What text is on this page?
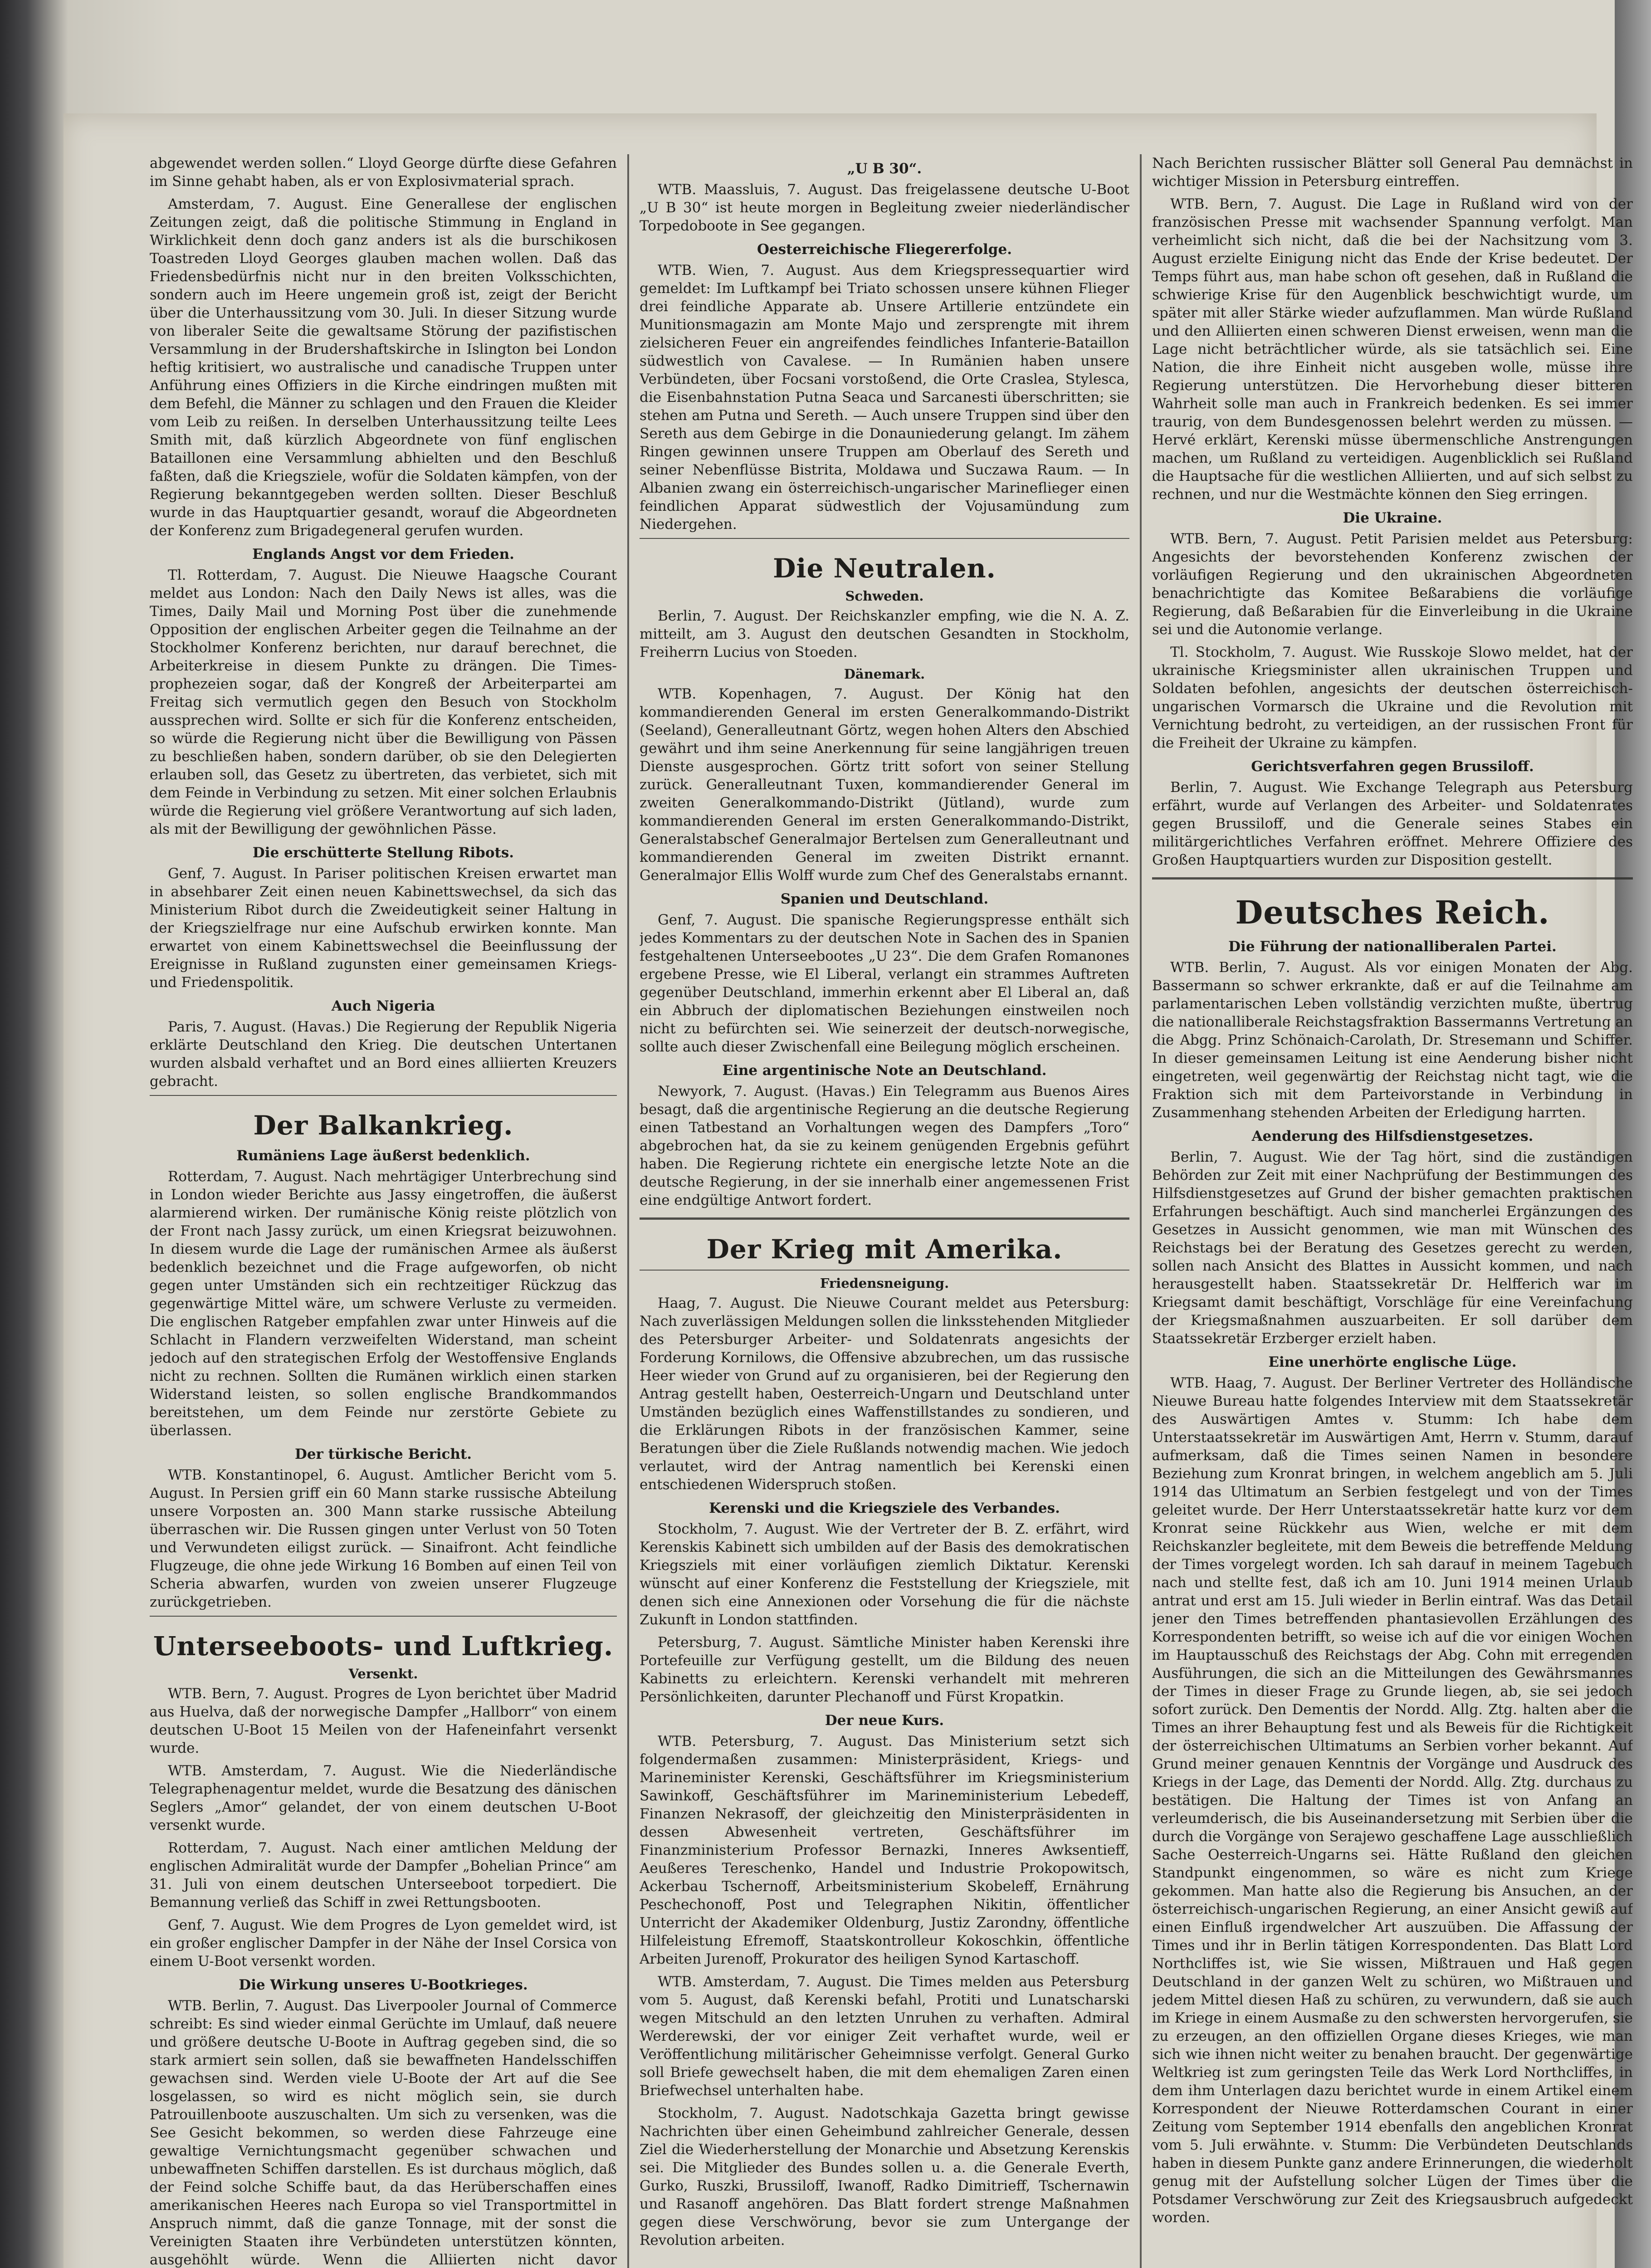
abgewendet werden sollen.“ Lloyd George dürfte diese Gefahren im Sinne gehabt haben, als er von Explosivmaterial sprach.

Amsterdam, 7. August. Eine Generallese der englischen Zeitungen zeigt, daß die politische Stimmung in England in Wirklichkeit denn doch ganz anders ist als die burschikosen Toastreden Lloyd Georges glauben machen wollen. Daß das Friedensbedürfnis nicht nur in den breiten Volksschichten, sondern auch im Heere ungemein groß ist, zeigt der Bericht über die Unterhaussitzung vom 30. Juli. In dieser Sitzung wurde von liberaler Seite die gewaltsame Störung der pazifistischen Versammlung in der Brudershaftskirche in Islington bei London heftig kritisiert, wo australische und canadische Truppen unter Anführung eines Offiziers in die Kirche eindringen mußten mit dem Befehl, die Männer zu schlagen und den Frauen die Kleider vom Leib zu reißen. In derselben Unterhaussitzung teilte Lees Smith mit, daß kürzlich Abgeordnete von fünf englischen Bataillonen eine Versammlung abhielten und den Beschluß faßten, daß die Kriegsziele, wofür die Soldaten kämpfen, von der Regierung bekanntgegeben werden sollten. Dieser Beschluß wurde in das Hauptquartier gesandt, worauf die Abgeordneten der Konferenz zum Brigadegeneral gerufen wurden.

Englands Angst vor dem Frieden.

Tl. Rotterdam, 7. August. Die Nieuwe Haagsche Courant meldet aus London: Nach den Daily News ist alles, was die Times, Daily Mail und Morning Post über die zunehmende Opposition der englischen Arbeiter gegen die Teilnahme an der Stockholmer Konferenz berichten, nur darauf berechnet, die Arbeiterkreise in diesem Punkte zu drängen. Die Times-prophezeien sogar, daß der Kongreß der Arbeiterpartei am Freitag sich vermutlich gegen den Besuch von Stockholm aussprechen wird. Sollte er sich für die Konferenz entscheiden, so würde die Regierung nicht über die Bewilligung von Pässen zu beschließen haben, sondern darüber, ob sie den Delegierten erlauben soll, das Gesetz zu übertreten, das verbietet, sich mit dem Feinde in Verbindung zu setzen. Mit einer solchen Erlaubnis würde die Regierung viel größere Verantwortung auf sich laden, als mit der Bewilligung der gewöhnlichen Pässe.

Die erschütterte Stellung Ribots.

Genf, 7. August. In Pariser politischen Kreisen erwartet man in absehbarer Zeit einen neuen Kabinettswechsel, da sich das Ministerium Ribot durch die Zweideutigkeit seiner Haltung in der Kriegszielfrage nur eine Aufschub erwirken konnte. Man erwartet von einem Kabinettswechsel die Beeinflussung der Ereignisse in Rußland zugunsten einer gemeinsamen Kriegs- und Friedenspolitik.

Auch Nigeria

Paris, 7. August. (Havas.) Die Regierung der Republik Nigeria erklärte Deutschland den Krieg. Die deutschen Untertanen wurden alsbald verhaftet und an Bord eines alliierten Kreuzers gebracht.

Der Balkankrieg.
Rumäniens Lage äußerst bedenklich.

Rotterdam, 7. August. Nach mehrtägiger Unterbrechung sind in London wieder Berichte aus Jassy eingetroffen, die äußerst alarmierend wirken. Der rumänische König reiste plötzlich von der Front nach Jassy zurück, um einen Kriegsrat beizuwohnen. In diesem wurde die Lage der rumänischen Armee als äußerst bedenklich bezeichnet und die Frage aufgeworfen, ob nicht gegen unter Umständen sich ein rechtzeitiger Rückzug das gegenwärtige Mittel wäre, um schwere Verluste zu vermeiden. Die englischen Ratgeber empfahlen zwar unter Hinweis auf die Schlacht in Flandern verzweifelten Widerstand, man scheint jedoch auf den strategischen Erfolg der Westoffensive Englands nicht zu rechnen. Sollten die Rumänen wirklich einen starken Widerstand leisten, so sollen englische Brandkommandos bereitstehen, um dem Feinde nur zerstörte Gebiete zu überlassen.

Der türkische Bericht.

WTB. Konstantinopel, 6. August. Amtlicher Bericht vom 5. August. In Persien griff ein 60 Mann starke russische Abteilung unsere Vorposten an. 300 Mann starke russische Abteilung überraschen wir. Die Russen gingen unter Verlust von 50 Toten und Verwundeten eiligst zurück. — Sinaifront. Acht feindliche Flugzeuge, die ohne jede Wirkung 16 Bomben auf einen Teil von Scheria abwarfen, wurden von zweien unserer Flugzeuge zurückgetrieben.

Unterseeboots- und Luftkrieg.
Versenkt.

WTB. Bern, 7. August. Progres de Lyon berichtet über Madrid aus Huelva, daß der norwegische Dampfer „Hallborr“ von einem deutschen U-Boot 15 Meilen von der Hafeneinfahrt versenkt wurde.

WTB. Amsterdam, 7. August. Wie die Niederländische Telegraphenagentur meldet, wurde die Besatzung des dänischen Seglers „Amor“ gelandet, der von einem deutschen U-Boot versenkt wurde.

Rotterdam, 7. August. Nach einer amtlichen Meldung der englischen Admiralität wurde der Dampfer „Bohelian Prince“ am 31. Juli von einem deutschen Unterseeboot torpediert. Die Bemannung verließ das Schiff in zwei Rettungsbooten.

Genf, 7. August. Wie dem Progres de Lyon gemeldet wird, ist ein großer englischer Dampfer in der Nähe der Insel Corsica von einem U-Boot versenkt worden.

Die Wirkung unseres U-Bootkrieges.

WTB. Berlin, 7. August. Das Liverpooler Journal of Commerce schreibt: Es sind wieder einmal Gerüchte im Umlauf, daß neuere und größere deutsche U-Boote in Auftrag gegeben sind, die so stark armiert sein sollen, daß sie bewaffneten Handelsschiffen gewachsen sind. Werden viele U-Boote der Art auf die See losgelassen, so wird es nicht möglich sein, sie durch Patrouillenboote auszuschalten. Um sich zu versenken, was die See Gesicht bekommen, so werden diese Fahrzeuge eine gewaltige Vernichtungsmacht gegenüber schwachen und unbewaffneten Schiffen darstellen. Es ist durchaus möglich, daß der Feind solche Schiffe baut, da das Herüberschaffen eines amerikanischen Heeres nach Europa so viel Transportmittel in Anspruch nimmt, daß die ganze Tonnage, mit der sonst die Vereinigten Staaten ihre Verbündeten unterstützen könnten, ausgehöhlt würde. Wenn die Alliierten nicht davor

„U B 30“.

WTB. Maassluis, 7. August. Das freigelassene deutsche U-Boot „U B 30“ ist heute morgen in Begleitung zweier niederländischer Torpedoboote in See gegangen.

Oesterreichische Fliegererfolge.

WTB. Wien, 7. August. Aus dem Kriegspressequartier wird gemeldet: Im Luftkampf bei Triato schossen unsere kühnen Flieger drei feindliche Apparate ab. Unsere Artillerie entzündete ein Munitionsmagazin am Monte Majo und zersprengte mit ihrem zielsicheren Feuer ein angreifendes feindliches Infanterie-Bataillon südwestlich von Cavalese. — In Rumänien haben unsere Verbündeten, über Focsani vorstoßend, die Orte Craslea, Stylesca, die Eisenbahnstation Putna Seaca und Sarcanesti überschritten; sie stehen am Putna und Sereth. — Auch unsere Truppen sind über den Sereth aus dem Gebirge in die Donauniederung gelangt. Im zähem Ringen gewinnen unsere Truppen am Oberlauf des Sereth und seiner Nebenflüsse Bistrita, Moldawa und Suczawa Raum. — In Albanien zwang ein österreichisch-ungarischer Marineflieger einen feindlichen Apparat südwestlich der Vojusamündung zum Niedergehen.

Die Neutralen.
Schweden.

Berlin, 7. August. Der Reichskanzler empfing, wie die N. A. Z. mitteilt, am 3. August den deutschen Gesandten in Stockholm, Freiherrn Lucius von Stoeden.

Dänemark.

WTB. Kopenhagen, 7. August. Der König hat den kommandierenden General im ersten Generalkommando-Distrikt (Seeland), Generalleutnant Görtz, wegen hohen Alters den Abschied gewährt und ihm seine Anerkennung für seine langjährigen treuen Dienste ausgesprochen. Görtz tritt sofort von seiner Stellung zurück. Generalleutnant Tuxen, kommandierender General im zweiten Generalkommando-Distrikt (Jütland), wurde zum kommandierenden General im ersten Generalkommando-Distrikt, Generalstabschef Generalmajor Bertelsen zum Generalleutnant und kommandierenden General im zweiten Distrikt ernannt. Generalmajor Ellis Wolff wurde zum Chef des Generalstabs ernannt.

Spanien und Deutschland.

Genf, 7. August. Die spanische Regierungspresse enthält sich jedes Kommentars zu der deutschen Note in Sachen des in Spanien festgehaltenen Unterseebootes „U 23“. Die dem Grafen Romanones ergebene Presse, wie El Liberal, verlangt ein strammes Auftreten gegenüber Deutschland, immerhin erkennt aber El Liberal an, daß ein Abbruch der diplomatischen Beziehungen einstweilen noch nicht zu befürchten sei. Wie seinerzeit der deutsch-norwegische, sollte auch dieser Zwischenfall eine Beilegung möglich erscheinen.

Eine argentinische Note an Deutschland.

Newyork, 7. August. (Havas.) Ein Telegramm aus Buenos Aires besagt, daß die argentinische Regierung an die deutsche Regierung einen Tatbestand an Vorhaltungen wegen des Dampfers „Toro“ abgebrochen hat, da sie zu keinem genügenden Ergebnis geführt haben. Die Regierung richtete ein energische letzte Note an die deutsche Regierung, in der sie innerhalb einer angemessenen Frist eine endgültige Antwort fordert.

Der Krieg mit Amerika.
Friedensneigung.

Haag, 7. August. Die Nieuwe Courant meldet aus Petersburg: Nach zuverlässigen Meldungen sollen die linksstehenden Mitglieder des Petersburger Arbeiter- und Soldatenrats angesichts der Forderung Kornilows, die Offensive abzubrechen, um das russische Heer wieder von Grund auf zu organisieren, bei der Regierung den Antrag gestellt haben, Oesterreich-Ungarn und Deutschland unter Umständen bezüglich eines Waffenstillstandes zu sondieren, und die Erklärungen Ribots in der französischen Kammer, seine Beratungen über die Ziele Rußlands notwendig machen. Wie jedoch verlautet, wird der Antrag namentlich bei Kerenski einen entschiedenen Widerspruch stoßen.

Kerenski und die Kriegsziele des Verbandes.

Stockholm, 7. August. Wie der Vertreter der B. Z. erfährt, wird Kerenskis Kabinett sich umbilden auf der Basis des demokratischen Kriegsziels mit einer vorläufigen ziemlich Diktatur. Kerenski wünscht auf einer Konferenz die Feststellung der Kriegsziele, mit denen sich eine Annexionen oder Vorsehung die für die nächste Zukunft in London stattfinden.

Petersburg, 7. August. Sämtliche Minister haben Kerenski ihre Portefeuille zur Verfügung gestellt, um die Bildung des neuen Kabinetts zu erleichtern. Kerenski verhandelt mit mehreren Persönlichkeiten, darunter Plechanoff und Fürst Kropatkin.

Der neue Kurs.

WTB. Petersburg, 7. August. Das Ministerium setzt sich folgendermaßen zusammen: Ministerpräsident, Kriegs- und Marineminister Kerenski, Geschäftsführer im Kriegsministerium Sawinkoff, Geschäftsführer im Marineministerium Lebedeff, Finanzen Nekrasoff, der gleichzeitig den Ministerpräsidenten in dessen Abwesenheit vertreten, Geschäftsführer im Finanzministerium Professor Bernazki, Inneres Awksentieff, Aeußeres Tereschenko, Handel und Industrie Prokopowitsch, Ackerbau Tschernoff, Arbeitsministerium Skobeleff, Ernährung Peschechonoff, Post und Telegraphen Nikitin, öffentlicher Unterricht der Akademiker Oldenburg, Justiz Zarondny, öffentliche Hilfeleistung Efremoff, Staatskontrolleur Kokoschkin, öffentliche Arbeiten Jurenoff, Prokurator des heiligen Synod Kartaschoff.

WTB. Amsterdam, 7. August. Die Times melden aus Petersburg vom 5. August, daß Kerenski befahl, Protiti und Lunatscharski wegen Mitschuld an den letzten Unruhen zu verhaften. Admiral Werderewski, der vor einiger Zeit verhaftet wurde, weil er Veröffentlichung militärischer Geheimnisse verfolgt. General Gurko soll Briefe gewechselt haben, die mit dem ehemaligen Zaren einen Briefwechsel unterhalten habe.

Stockholm, 7. August. Nadotschkaja Gazetta bringt gewisse Nachrichten über einen Geheimbund zahlreicher Generale, dessen Ziel die Wiederherstellung der Monarchie und Absetzung Kerenskis sei. Die Mitglieder des Bundes sollen u. a. die Generale Everth, Gurko, Ruszki, Brussiloff, Iwanoff, Radko Dimitrieff, Tschernawin und Rasanoff angehören. Das Blatt fordert strenge Maßnahmen gegen diese Verschwörung, bevor sie zum Untergange der Revolution arbeiten.

Nach Berichten russischer Blätter soll General Pau demnächst in wichtiger Mission in Petersburg eintreffen.

WTB. Bern, 7. August. Die Lage in Rußland wird von der französischen Presse mit wachsender Spannung verfolgt. Man verheimlicht sich nicht, daß die bei der Nachsitzung vom 3. August erzielte Einigung nicht das Ende der Krise bedeutet. Der Temps führt aus, man habe schon oft gesehen, daß in Rußland die schwierige Krise für den Augenblick beschwichtigt wurde, um später mit aller Stärke wieder aufzuflammen. Man würde Rußland und den Alliierten einen schweren Dienst erweisen, wenn man die Lage nicht beträchtlicher würde, als sie tatsächlich sei. Eine Nation, die ihre Einheit nicht ausgeben wolle, müsse ihre Regierung unterstützen. Die Hervorhebung dieser bitteren Wahrheit solle man auch in Frankreich bedenken. Es sei immer traurig, von dem Bundesgenossen belehrt werden zu müssen. — Hervé erklärt, Kerenski müsse übermenschliche Anstrengungen machen, um Rußland zu verteidigen. Augenblicklich sei Rußland die Hauptsache für die westlichen Alliierten, und auf sich selbst zu rechnen, und nur die Westmächte können den Sieg erringen.

Die Ukraine.

WTB. Bern, 7. August. Petit Parisien meldet aus Petersburg: Angesichts der bevorstehenden Konferenz zwischen der vorläufigen Regierung und den ukrainischen Abgeordneten benachrichtigte das Komitee Beßarabiens die vorläufige Regierung, daß Beßarabien für die Einverleibung in die Ukraine sei und die Autonomie verlange.

Tl. Stockholm, 7. August. Wie Russkoje Slowo meldet, hat der ukrainische Kriegsminister allen ukrainischen Truppen und Soldaten befohlen, angesichts der deutschen österreichisch-ungarischen Vormarsch die Ukraine und die Revolution mit Vernichtung bedroht, zu verteidigen, an der russischen Front für die Freiheit der Ukraine zu kämpfen.

Gerichtsverfahren gegen Brussiloff.

Berlin, 7. August. Wie Exchange Telegraph aus Petersburg erfährt, wurde auf Verlangen des Arbeiter- und Soldatenrates gegen Brussiloff, und die Generale seines Stabes ein militärgerichtliches Verfahren eröffnet. Mehrere Offiziere des Großen Hauptquartiers wurden zur Disposition gestellt.

Deutsches Reich.
Die Führung der nationalliberalen Partei.

WTB. Berlin, 7. August. Als vor einigen Monaten der Abg. Bassermann so schwer erkrankte, daß er auf die Teilnahme am parlamentarischen Leben vollständig verzichten mußte, übertrug die nationalliberale Reichstagsfraktion Bassermanns Vertretung an die Abgg. Prinz Schönaich-Carolath, Dr. Stresemann und Schiffer. In dieser gemeinsamen Leitung ist eine Aenderung bisher nicht eingetreten, weil gegenwärtig der Reichstag nicht tagt, wie die Fraktion sich mit dem Parteivorstande in Verbindung in Zusammenhang stehenden Arbeiten der Erledigung harrten.

Aenderung des Hilfsdienstgesetzes.

Berlin, 7. August. Wie der Tag hört, sind die zuständigen Behörden zur Zeit mit einer Nachprüfung der Bestimmungen des Hilfsdienstgesetzes auf Grund der bisher gemachten praktischen Erfahrungen beschäftigt. Auch sind mancherlei Ergänzungen des Gesetzes in Aussicht genommen, wie man mit Wünschen des Reichstags bei der Beratung des Gesetzes gerecht zu werden, sollen nach Ansicht des Blattes in Aussicht kommen, und nach herausgestellt haben. Staatssekretär Dr. Helfferich war im Kriegsamt damit beschäftigt, Vorschläge für eine Vereinfachung der Kriegsmaßnahmen auszuarbeiten. Er soll darüber dem Staatssekretär Erzberger erzielt haben.

Eine unerhörte englische Lüge.

WTB. Haag, 7. August. Der Berliner Vertreter des Holländische Nieuwe Bureau hatte folgendes Interview mit dem Staatssekretär des Auswärtigen Amtes v. Stumm: Ich habe dem Unterstaatssekretär im Auswärtigen Amt, Herrn v. Stumm, darauf aufmerksam, daß die Times seinen Namen in besondere Beziehung zum Kronrat bringen, in welchem angeblich am 5. Juli 1914 das Ultimatum an Serbien festgelegt und von der Times geleitet wurde. Der Herr Unterstaatssekretär hatte kurz vor dem Kronrat seine Rückkehr aus Wien, welche er mit dem Reichskanzler begleitete, mit dem Beweis die betreffende Meldung der Times vorgelegt worden. Ich sah darauf in meinem Tagebuch nach und stellte fest, daß ich am 10. Juni 1914 meinen Urlaub antrat und erst am 15. Juli wieder in Berlin eintraf. Was das Detail jener den Times betreffenden phantasievollen Erzählungen des Korrespondenten betrifft, so weise ich auf die vor einigen Wochen im Hauptausschuß des Reichstags der Abg. Cohn mit erregenden Ausführungen, die sich an die Mitteilungen des Gewährsmannes der Times in dieser Frage zu Grunde liegen, ab, sie sei jedoch sofort zurück. Den Dementis der Nordd. Allg. Ztg. halten aber die Times an ihrer Behauptung fest und als Beweis für die Richtigkeit der österreichischen Ultimatums an Serbien vorher bekannt. Auf Grund meiner genauen Kenntnis der Vorgänge und Ausdruck des Kriegs in der Lage, das Dementi der Nordd. Allg. Ztg. durchaus zu bestätigen. Die Haltung der Times ist von Anfang an verleumderisch, die bis Auseinandersetzung mit Serbien über die durch die Vorgänge von Serajewo geschaffene Lage ausschließlich Sache Oesterreich-Ungarns sei. Hätte Rußland den gleichen Standpunkt eingenommen, so wäre es nicht zum Kriege gekommen. Man hatte also die Regierung bis Ansuchen, an der österreichisch-ungarischen Regierung, an einer Ansicht gewiß auf einen Einfluß irgendwelcher Art auszuüben. Die Affassung der Times und ihr in Berlin tätigen Korrespondenten. Das Blatt Lord Northcliffes ist, wie Sie wissen, Mißtrauen und Haß gegen Deutschland in der ganzen Welt zu schüren, wo Mißtrauen und jedem Mittel diesen Haß zu schüren, zu verwundern, daß sie auch im Kriege in einem Ausmaße zu den schwersten hervorgerufen, sie zu erzeugen, an den offiziellen Organe dieses Krieges, wie man sich wie ihnen nicht weiter zu benahen braucht. Der gegenwärtige Weltkrieg ist zum geringsten Teile das Werk Lord Northcliffes, in dem ihm Unterlagen dazu berichtet wurde in einem Artikel einem Korrespondent der Nieuwe Rotterdamschen Courant in einer Zeitung vom September 1914 ebenfalls den angeblichen Kronrat vom 5. Juli erwähnte. v. Stumm: Die Verbündeten Deutschlands haben in diesem Punkte ganz andere Erinnerungen, die wiederholt genug mit der Aufstellung solcher Lügen der Times über die Potsdamer Verschwörung zur Zeit des Kriegsausbruch aufgedeckt worden.
